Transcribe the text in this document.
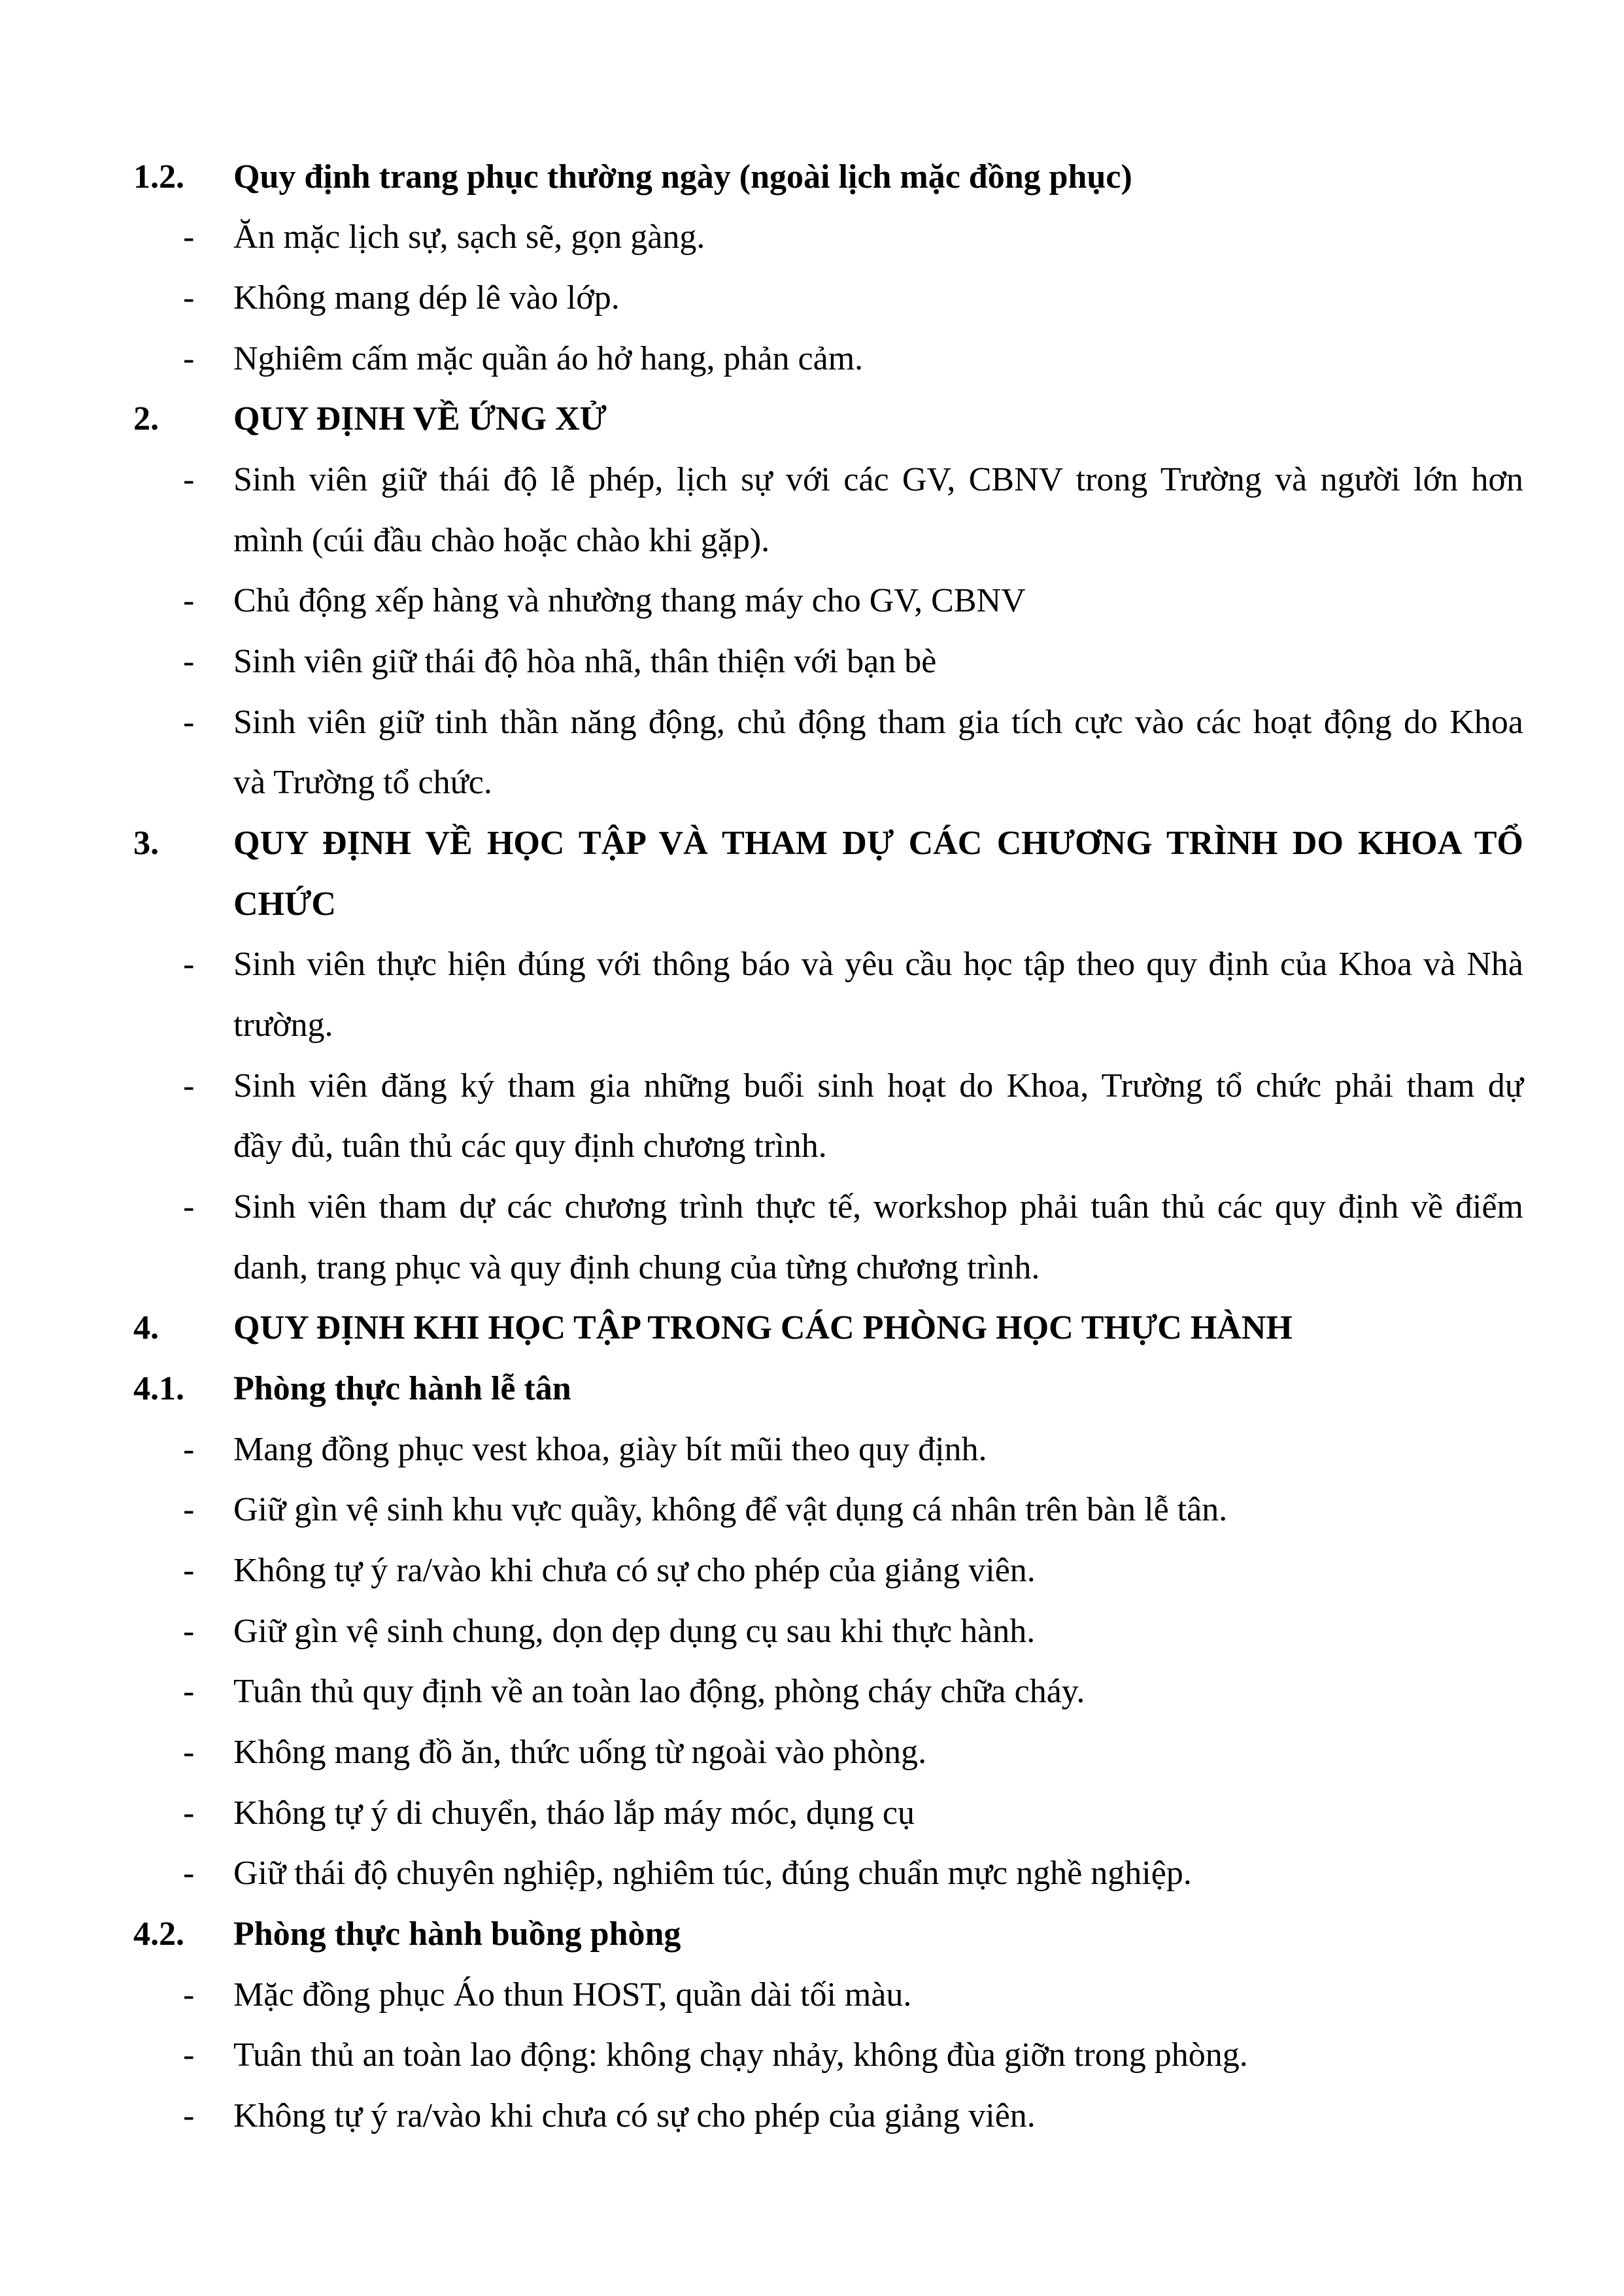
1.2. Quy định trang phục thường ngày (ngoài lịch mặc đồng phục)
- Ăn mặc lịch sự, sạch sẽ, gọn gàng.
- Không mang dép lê vào lớp.
- Nghiêm cấm mặc quần áo hở hang, phản cảm.
2. QUY ĐỊNH VỀ ỨNG XỬ
- Sinh viên giữ thái độ lễ phép, lịch sự với các GV, CBNV trong Trường và người lớn hơn
mình (cúi đầu chào hoặc chào khi gặp).
- Chủ động xếp hàng và nhường thang máy cho GV, CBNV
- Sinh viên giữ thái độ hòa nhã, thân thiện với bạn bè
- Sinh viên giữ tinh thần năng động, chủ động tham gia tích cực vào các hoạt động do Khoa
và Trường tổ chức.
3. QUY ĐỊNH VỀ HỌC TẬP VÀ THAM DỰ CÁC CHƯƠNG TRÌNH DO KHOA TỔ
CHỨC
- Sinh viên thực hiện đúng với thông báo và yêu cầu học tập theo quy định của Khoa và Nhà
trường.
- Sinh viên đăng ký tham gia những buổi sinh hoạt do Khoa, Trường tổ chức phải tham dự
đầy đủ, tuân thủ các quy định chương trình.
- Sinh viên tham dự các chương trình thực tế, workshop phải tuân thủ các quy định về điểm
danh, trang phục và quy định chung của từng chương trình.
4. QUY ĐỊNH KHI HỌC TẬP TRONG CÁC PHÒNG HỌC THỰC HÀNH
4.1. Phòng thực hành lễ tân
- Mang đồng phục vest khoa, giày bít mũi theo quy định.
- Giữ gìn vệ sinh khu vực quầy, không để vật dụng cá nhân trên bàn lễ tân.
- Không tự ý ra/vào khi chưa có sự cho phép của giảng viên.
- Giữ gìn vệ sinh chung, dọn dẹp dụng cụ sau khi thực hành.
- Tuân thủ quy định về an toàn lao động, phòng cháy chữa cháy.
- Không mang đồ ăn, thức uống từ ngoài vào phòng.
- Không tự ý di chuyển, tháo lắp máy móc, dụng cụ
- Giữ thái độ chuyên nghiệp, nghiêm túc, đúng chuẩn mực nghề nghiệp.
4.2. Phòng thực hành buồng phòng
- Mặc đồng phục Áo thun HOST, quần dài tối màu.
- Tuân thủ an toàn lao động: không chạy nhảy, không đùa giỡn trong phòng.
- Không tự ý ra/vào khi chưa có sự cho phép của giảng viên.
